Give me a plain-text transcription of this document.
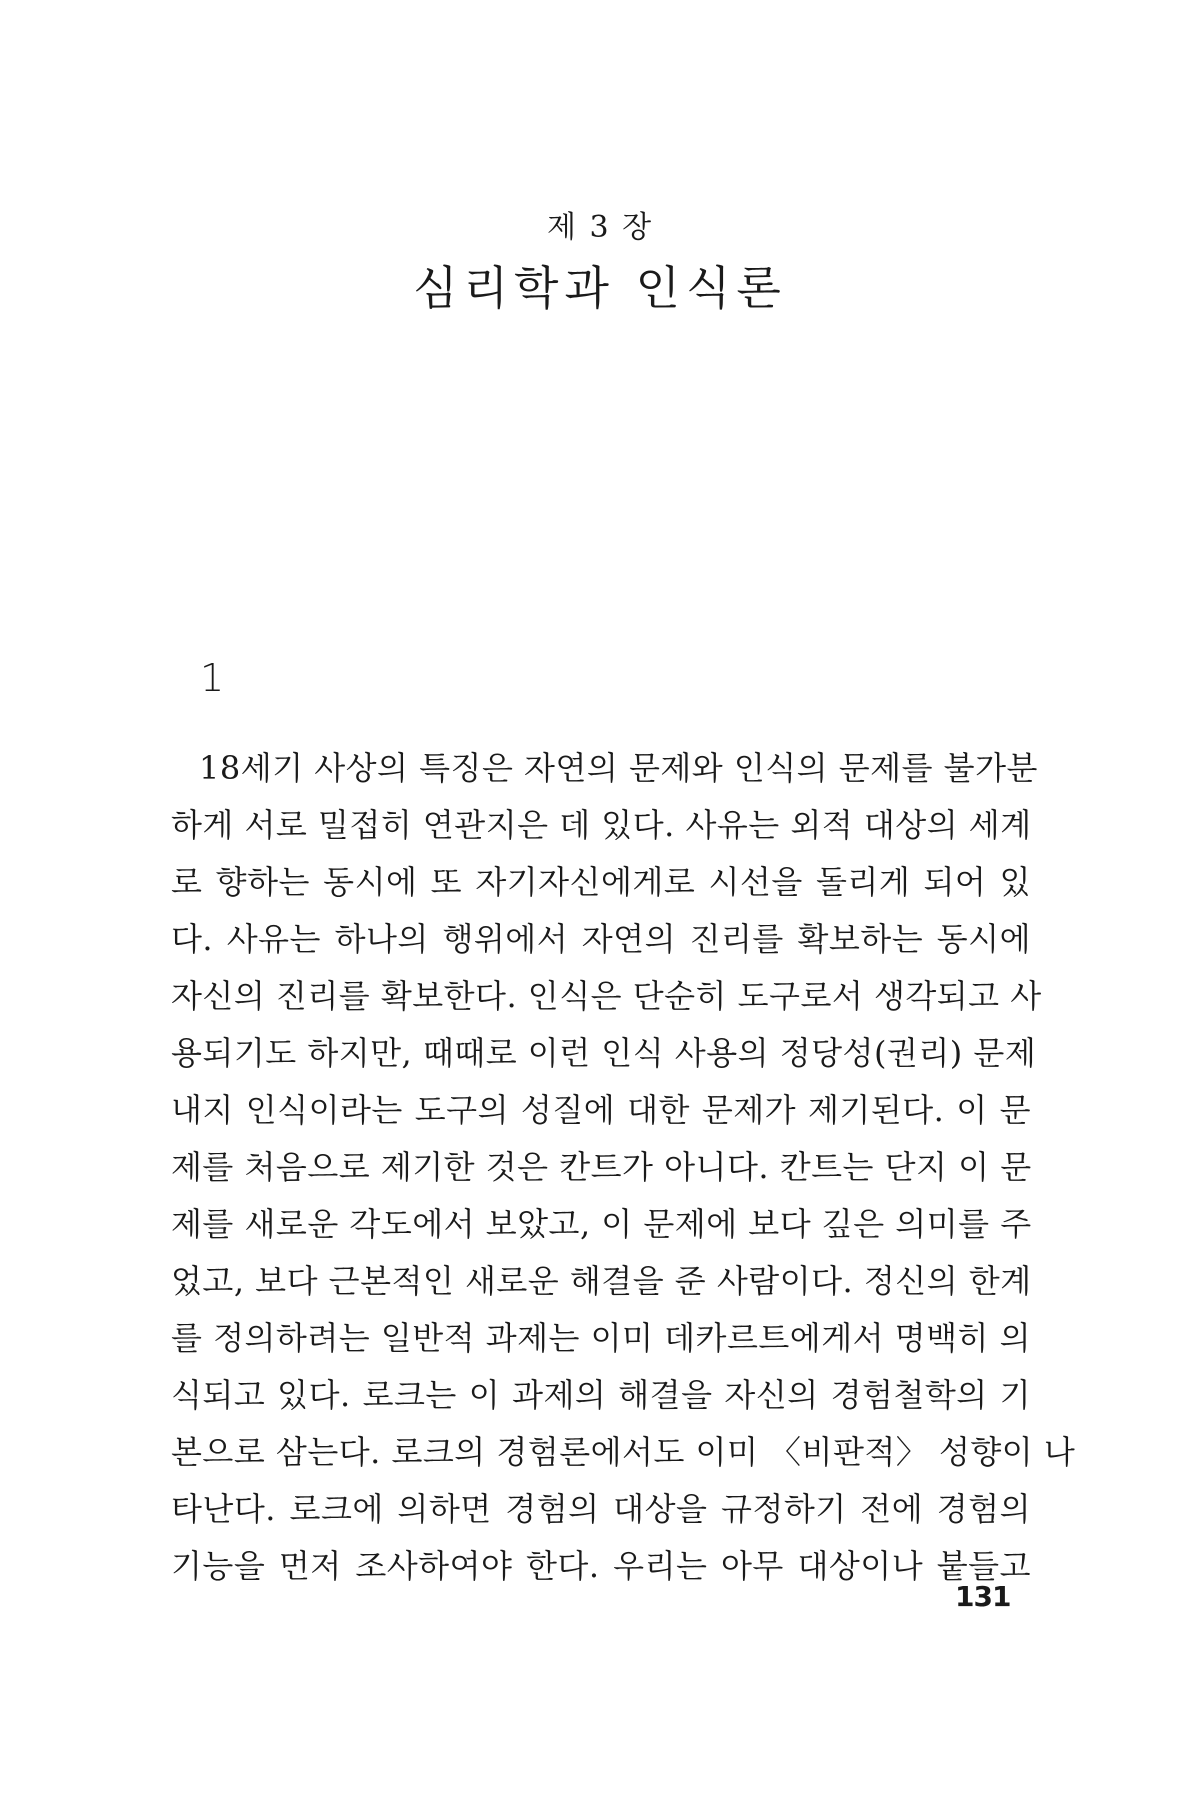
제 3 장
심리학과 인식론
1
18세기 사상의 특징은 자연의 문제와 인식의 문제를 불가분
하게 서로 밀접히 연관지은 데 있다. 사유는 외적 대상의 세계
로 향하는 동시에 또 자기자신에게로 시선을 돌리게 되어 있
다. 사유는 하나의 행위에서 자연의 진리를 확보하는 동시에
자신의 진리를 확보한다. 인식은 단순히 도구로서 생각되고 사
용되기도 하지만, 때때로 이런 인식 사용의 정당성(권리) 문제
내지 인식이라는 도구의 성질에 대한 문제가 제기된다. 이 문
제를 처음으로 제기한 것은 칸트가 아니다. 칸트는 단지 이 문
제를 새로운 각도에서 보았고, 이 문제에 보다 깊은 의미를 주
었고, 보다 근본적인 새로운 해결을 준 사람이다. 정신의 한계
를 정의하려는 일반적 과제는 이미 데카르트에게서 명백히 의
식되고 있다. 로크는 이 과제의 해결을 자신의 경험철학의 기
본으로 삼는다. 로크의 경험론에서도 이미 〈비판적〉 성향이 나
타난다. 로크에 의하면 경험의 대상을 규정하기 전에 경험의
기능을 먼저 조사하여야 한다. 우리는 아무 대상이나 붙들고
131
